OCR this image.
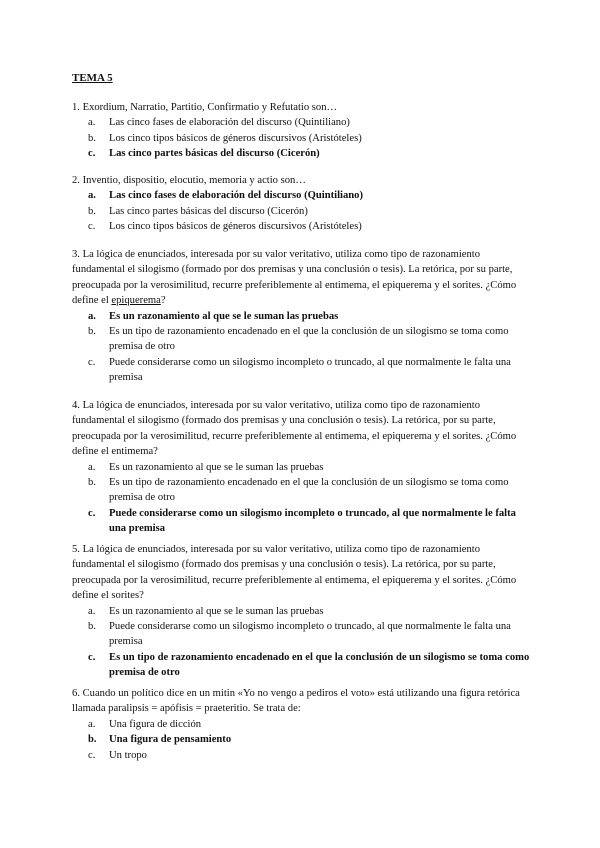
TEMA 5

1. Exordium, Narratio, Partitio, Confirmatio y Refutatio son…

a. Las cinco fases de elaboración del discurso (Quintiliano)
b. Los cinco tipos básicos de géneros discursivos (Aristóteles)
c. Las cinco partes básicas del discurso (Cicerón)

2. Inventio, dispositio, elocutio, memoria y actio son…

a. Las cinco fases de elaboración del discurso (Quintiliano)
b. Las cinco partes básicas del discurso (Cicerón)
c. Los cinco tipos básicos de géneros discursivos (Aristóteles)

3. La lógica de enunciados, interesada por su valor veritativo, utiliza como tipo de razonamiento fundamental el silogismo (formado por dos premisas y una conclusión o tesis). La retórica, por su parte, preocupada por la verosimilitud, recurre preferiblemente al entimema, el epiquerema y el sorites. ¿Cómo define el epiquerema?

a. Es un razonamiento al que se le suman las pruebas
b. Es un tipo de razonamiento encadenado en el que la conclusión de un silogismo se toma como premisa de otro
c. Puede considerarse como un silogismo incompleto o truncado, al que normalmente le falta una premisa

4. La lógica de enunciados, interesada por su valor veritativo, utiliza como tipo de razonamiento fundamental el silogismo (formado dos premisas y una conclusión o tesis). La retórica, por su parte, preocupada por la verosimilitud, recurre preferiblemente al entimema, el epiquerema y el sorites. ¿Cómo define el entimema?

a. Es un razonamiento al que se le suman las pruebas
b. Es un tipo de razonamiento encadenado en el que la conclusión de un silogismo se toma como premisa de otro
c. Puede considerarse como un silogismo incompleto o truncado, al que normalmente le falta una premisa

5. La lógica de enunciados, interesada por su valor veritativo, utiliza como tipo de razonamiento fundamental el silogismo (formado dos premisas y una conclusión o tesis). La retórica, por su parte, preocupada por la verosimilitud, recurre preferiblemente al entimema, el epiquerema y el sorites. ¿Cómo define el sorites?

a. Es un razonamiento al que se le suman las pruebas
b. Puede considerarse como un silogismo incompleto o truncado, al que normalmente le falta una premisa
c. Es un tipo de razonamiento encadenado en el que la conclusión de un silogismo se toma como premisa de otro

6. Cuando un político dice en un mitin «Yo no vengo a pediros el voto» está utilizando una figura retórica llamada paralipsis = apófisis = praeteritio. Se trata de:

a. Una figura de dicción
b. Una figura de pensamiento
c. Un tropo
